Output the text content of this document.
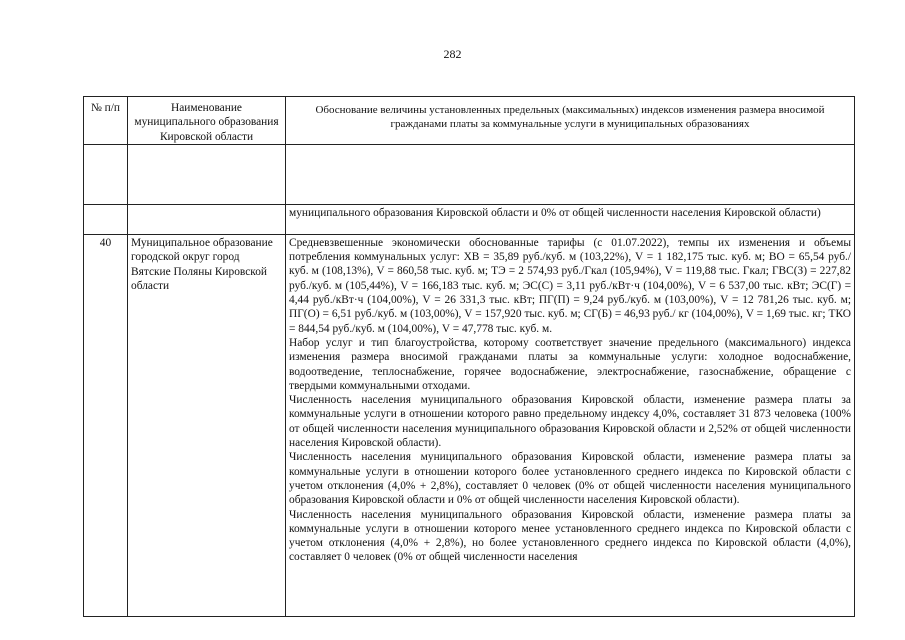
282
№ п/п	Наименование муниципального образования Кировской области	Обоснование величины установленных предельных (максимальных) индексов изменения размера вносимой гражданами платы за коммунальные услуги в муниципальных образованиях

		муниципального образования Кировской области и 0% от общей численности населения Кировской области)

40	Муниципальное образование городской округ город Вятские Поляны Кировской области	Средневзвешенные экономически обоснованные тарифы (с 01.07.2022), темпы их изменения и объемы потребления коммунальных услуг: ХВ = 35,89 руб./куб. м (103,22%), V = 1 182,175 тыс. куб. м; ВО = 65,54 руб./куб. м (108,13%), V = 860,58 тыс. куб. м; ТЭ = 2 574,93 руб./Гкал (105,94%), V = 119,88 тыс. Гкал; ГВС(З) = 227,82 руб./куб. м (105,44%), V = 166,183 тыс. куб. м; ЭС(С) = 3,11 руб./кВт·ч (104,00%), V = 6 537,00 тыс. кВт; ЭС(Г) = 4,44 руб./кВт·ч (104,00%), V = 26 331,3 тыс. кВт; ПГ(П) = 9,24 руб./куб. м (103,00%), V = 12 781,26 тыс. куб. м; ПГ(О) = 6,51 руб./куб. м (103,00%), V = 157,920 тыс. куб. м; СГ(Б) = 46,93 руб./ кг (104,00%), V = 1,69 тыс. кг; ТКО = 844,54 руб./куб. м (104,00%), V = 47,778 тыс. куб. м.

Набор услуг и тип благоустройства, которому соответствует значение предельного (максимального) индекса изменения размера вносимой гражданами платы за коммунальные услуги: холодное водоснабжение, водоотведение, теплоснабжение, горячее водоснабжение, электроснабжение, газоснабжение, обращение с твердыми коммунальными отходами.

Численность населения муниципального образования Кировской области, изменение размера платы за коммунальные услуги в отношении которого равно предельному индексу 4,0%, составляет 31 873 человека (100% от общей численности населения муниципального образования Кировской области и 2,52% от общей численности населения Кировской области).

Численность населения муниципального образования Кировской области, изменение размера платы за коммунальные услуги в отношении которого более установленного среднего индекса по Кировской области с учетом отклонения (4,0% + 2,8%), составляет 0 человек (0% от общей численности населения муниципального образования Кировской области и 0% от общей численности населения Кировской области).

Численность населения муниципального образования Кировской области, изменение размера платы за коммунальные услуги в отношении которого менее установленного среднего индекса по Кировской области с учетом отклонения (4,0% + 2,8%), но более установленного среднего индекса по Кировской области (4,0%), составляет 0 человек (0% от общей численности населения
